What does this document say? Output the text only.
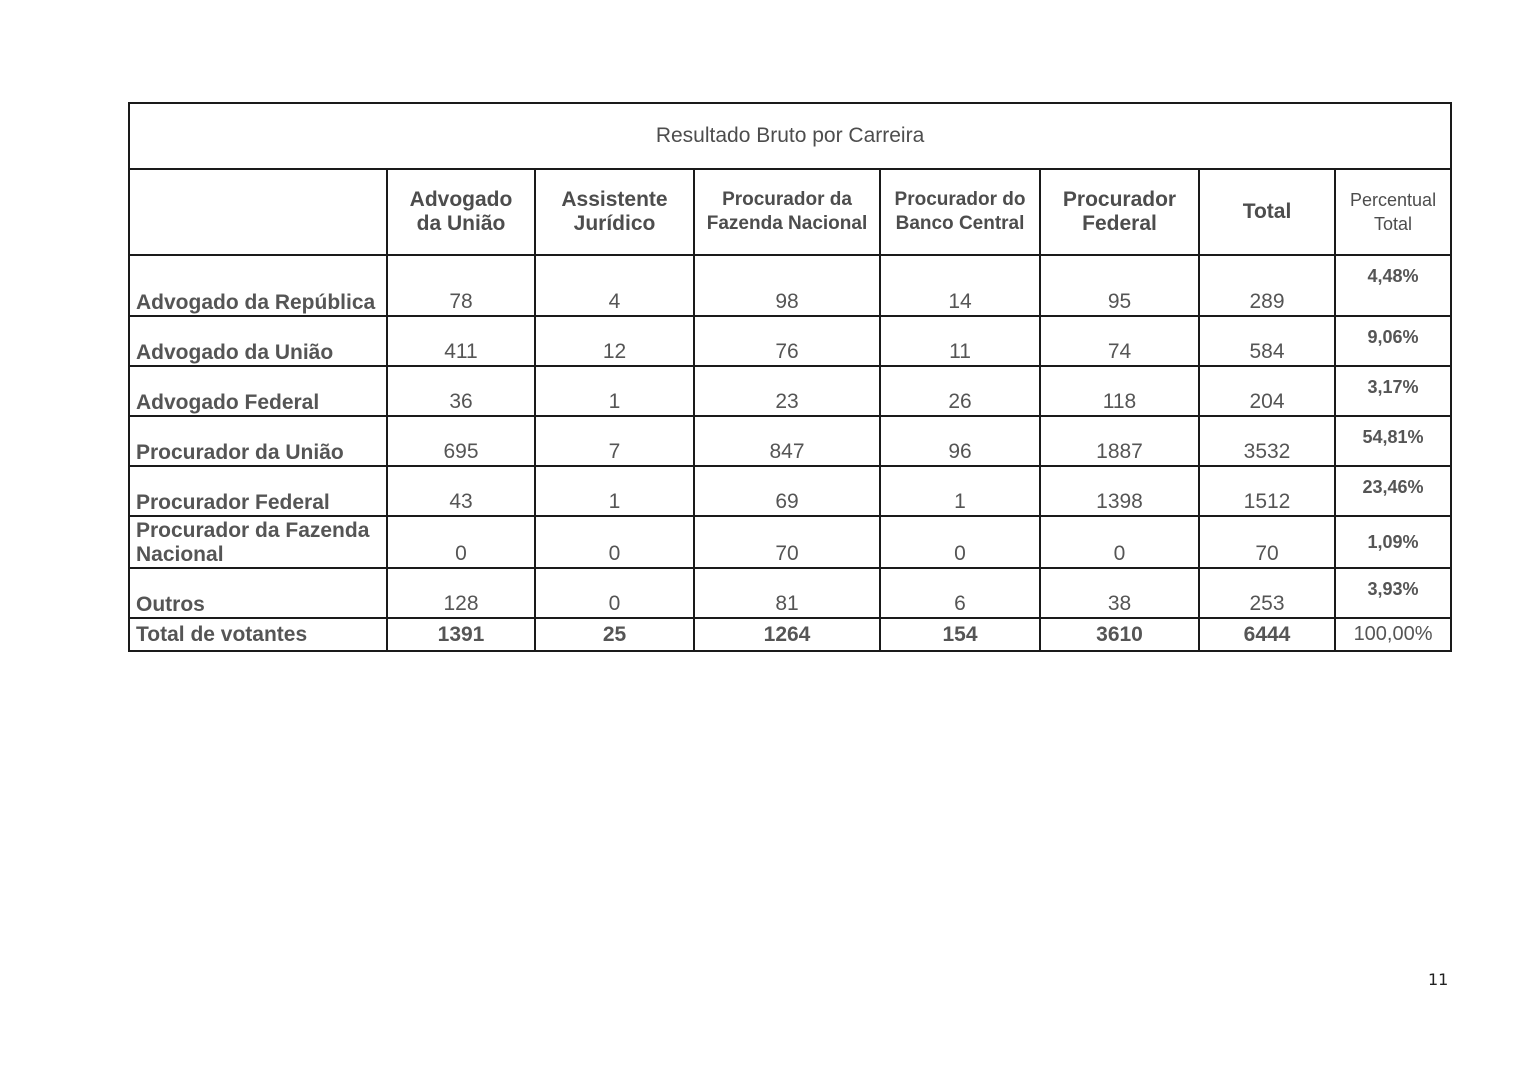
Resultado Bruto por Carreira							
	Advogado da União	Assistente Jurídico	Procurador da Fazenda Nacional	Procurador do Banco Central	Procurador Federal	Total	Percentual Total
Advogado da República	78	4	98	14	95	289	4,48%
Advogado da União	411	12	76	11	74	584	9,06%
Advogado Federal	36	1	23	26	118	204	3,17%
Procurador da União	695	7	847	96	1887	3532	54,81%
Procurador Federal	43	1	69	1	1398	1512	23,46%
Procurador da Fazenda Nacional	0	0	70	0	0	70	1,09%
Outros	128	0	81	6	38	253	3,93%
Total de votantes	1391	25	1264	154	3610	6444	100,00%
11
